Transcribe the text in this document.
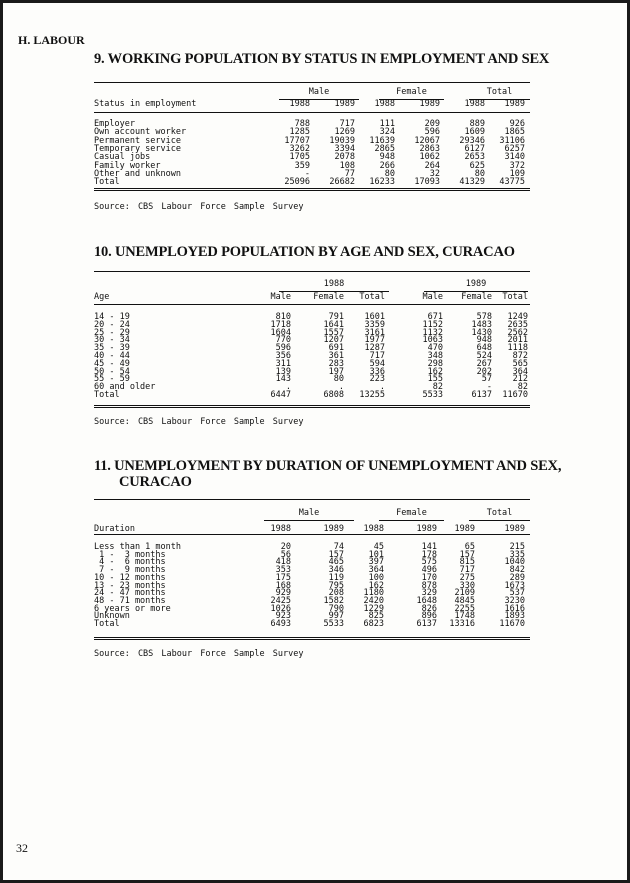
H. LABOUR
9. WORKING POPULATION BY STATUS IN EMPLOYMENT AND SEX
Male	Female	Total
Status in employment	1988	1989	1988	1989	1988	1989
Employer	788	717	111	209	889	926
Own account worker	1285	1269	324	596	1609	1865
Permanent service	17707	19039	11639	12067	29346	31106
Temporary service	3262	3394	2865	2863	6127	6257
Casual jobs	1705	2078	948	1062	2653	3140
Family worker	359	108	266	264	625	372
Other and unknown	-	77	80	32	80	109
Total	25096	26682	16233	17093	41329	43775
Source: CBS Labour Force Sample Survey
10. UNEMPLOYED POPULATION BY AGE AND SEX, CURACAO
1988	1989
Age	Male	Female	Total	Male	Female	Total
14 - 19	810	791	1601	671	578	1249
20 - 24	1718	1641	3359	1152	1483	2635
25 - 29	1604	1557	3161	1132	1430	2562
30 - 34	770	1207	1977	1063	948	2011
35 - 39	596	691	1287	470	648	1118
40 - 44	356	361	717	348	524	872
45 - 49	311	283	594	298	267	565
50 - 54	139	197	336	162	202	364
55 - 59	143	80	223	155	57	212
60 and older	.	.	.	82	-	82
Total	6447	6808	13255	5533	6137	11670
Source: CBS Labour Force Sample Survey
11. UNEMPLOYMENT BY DURATION OF UNEMPLOYMENT AND SEX,
CURACAO
Male	Female	Total
Duration	1988	1989	1988	1989	1989	1989
Less than 1 month	20	74	45	141	65	215
1 -  3 months	56	157	101	178	157	335
4 -  6 months	418	465	397	575	815	1040
7 -  9 months	353	346	364	496	717	842
10 - 12 months	175	119	100	170	275	289
13 - 23 months	168	795	162	878	330	1673
24 - 47 months	929	208	1180	329	2109	537
48 - 71 months	2425	1582	2420	1648	4845	3230
6 years or more	1026	790	1229	826	2255	1616
Unknown	923	997	825	896	1748	1893
Total	6493	5533	6823	6137	13316	11670
Source: CBS Labour Force Sample Survey
32
